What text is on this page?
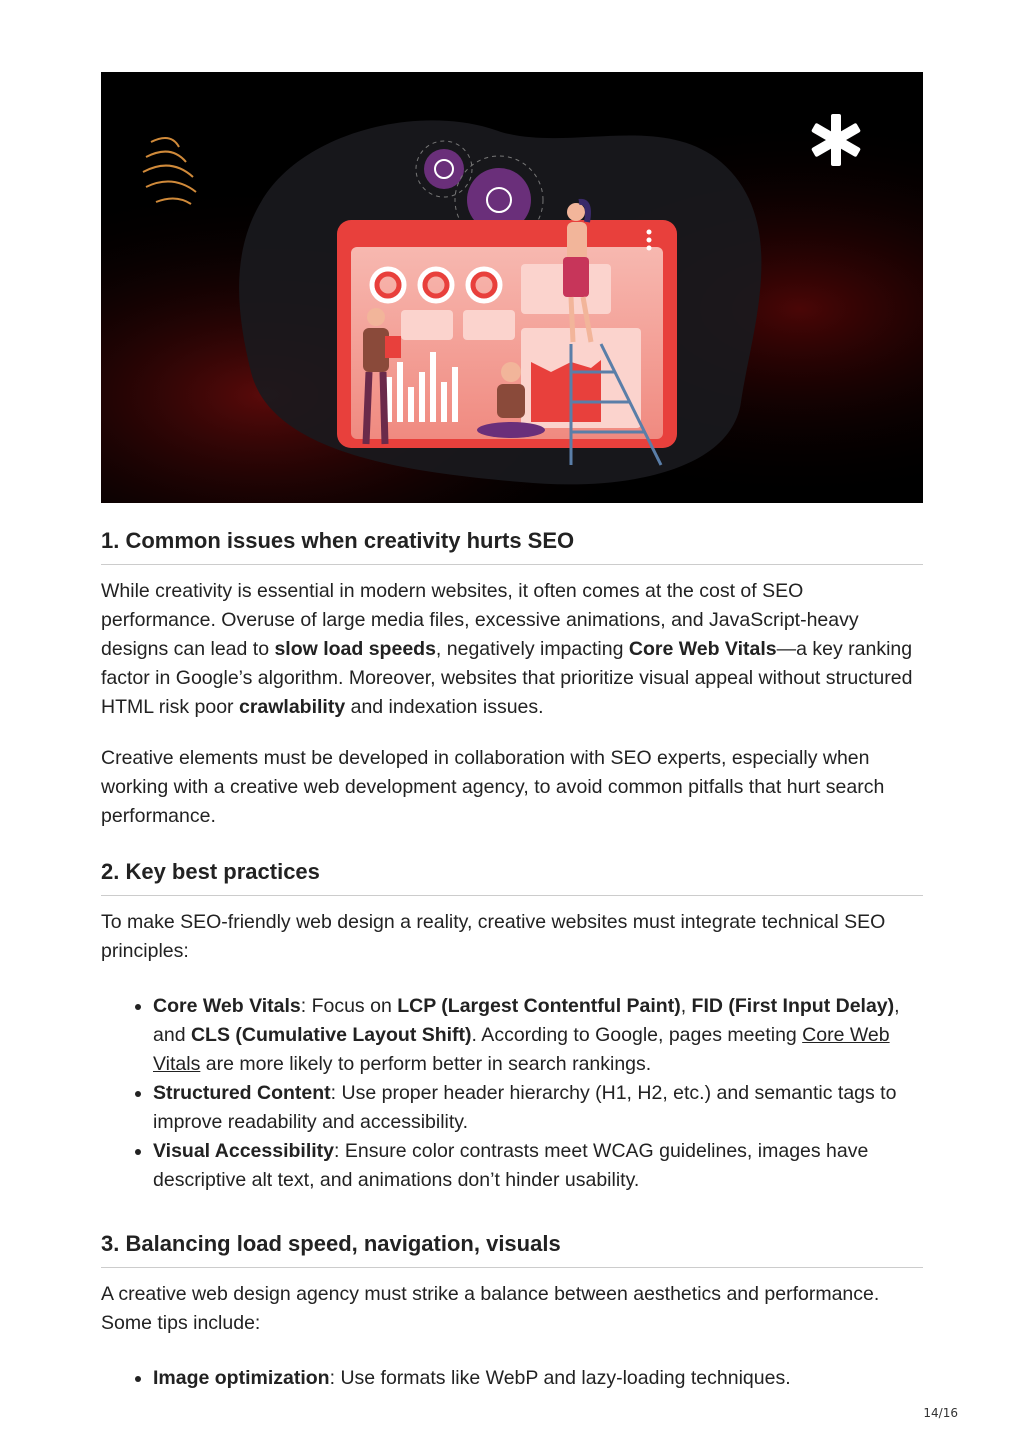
1. Common issues when creativity hurts SEO

While creativity is essential in modern websites, it often comes at the cost of SEO performance. Overuse of large media files, excessive animations, and JavaScript-heavy designs can lead to slow load speeds, negatively impacting Core Web Vitals—a key ranking factor in Google’s algorithm. Moreover, websites that prioritize visual appeal without structured HTML risk poor crawlability and indexation issues.

Creative elements must be developed in collaboration with SEO experts, especially when working with a creative web development agency, to avoid common pitfalls that hurt search performance.

2. Key best practices

To make SEO-friendly web design a reality, creative websites must integrate technical SEO principles:

• Core Web Vitals: Focus on LCP (Largest Contentful Paint), FID (First Input Delay), and CLS (Cumulative Layout Shift). According to Google, pages meeting Core Web Vitals are more likely to perform better in search rankings.
• Structured Content: Use proper header hierarchy (H1, H2, etc.) and semantic tags to improve readability and accessibility.
• Visual Accessibility: Ensure color contrasts meet WCAG guidelines, images have descriptive alt text, and animations don’t hinder usability.
3. Balancing load speed, navigation, visuals

A creative web design agency must strike a balance between aesthetics and performance. Some tips include:

• Image optimization: Use formats like WebP and lazy-loading techniques.
14/16
